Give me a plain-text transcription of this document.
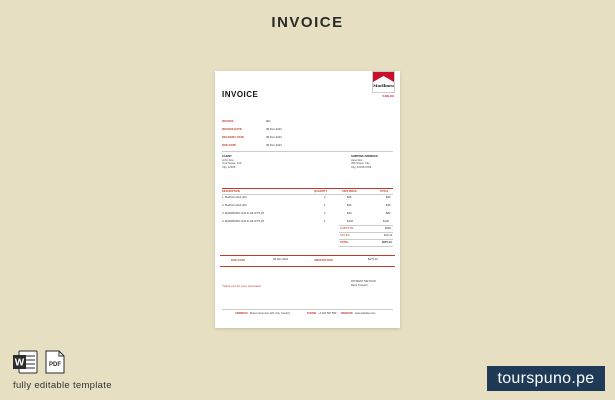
INVOICE
INVOICE
Marlboro
5,099.101
INVOICE	001
INVOICE DATE	09 Nov 2021
DELIVERY DATE	09 Nov 2021
DUE DATE	09 Nov 2021
CLIENT
John Doe
Your Street, 123
City, 12345
SHIPPING ADDRESS
Jane Doe
456 Street, City
City, 12345-6789
DESCRIPTION	QUANTITY	UNIT PRICE	TOTAL
1. Marlboro Red (20)	2	$25	$50
2. Marlboro Red (20)	1	$25	$25
3. MARLBORO GOLD 10H FTS 20	2	$40	$80
4. MARLBORO GOLD 10H FTS 20	1	$102	$102
SUBTOTAL	$262
TAX 5%	$13.10
TOTAL	$275.10
DUE DATE	09 Nov 2021	AMOUNT DUE	$275.10
Thank you for your purchase!
PAYMENT METHOD
Bank Transfer
ADDRESS Street name Ave 123, City, Country	PHONE +1 234 567 890 WEBSITE www.website.com
W	PDF
fully editable template	tourspuno.pe
